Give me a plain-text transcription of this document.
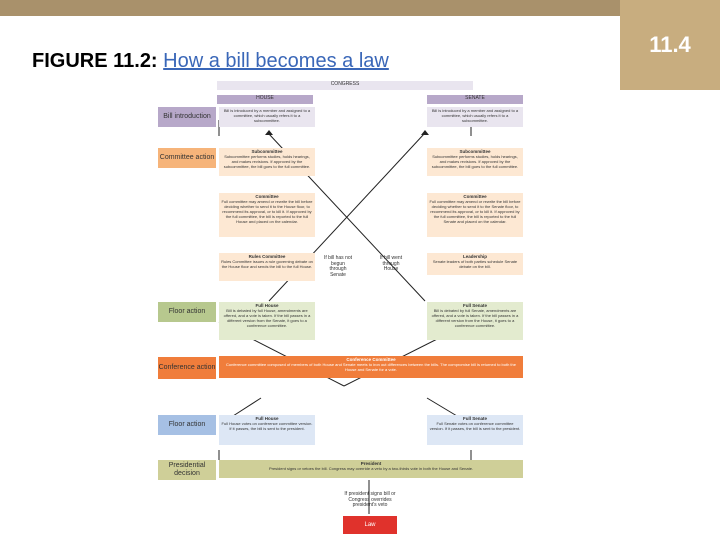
11.4
FIGURE 11.2: How a bill becomes a law
CONGRESS
HOUSE	SENATE
Bill introduction
Committee action
Floor action
Conference action
Floor action
Presidential decision
Bill is introduced by a member and assigned to a committee, which usually refers it to a subcommittee.
Subcommittee
Subcommittee performs studies, holds hearings, and makes revisions. If approved by the subcommittee, the bill goes to the full committee.
Committee
Full committee may amend or rewrite the bill before deciding whether to send it to the House floor, to recommend its approval, or to kill it. If approved by the full committee, the bill is reported to the full House and placed on the calendar.
Rules Committee
Rules Committee issues a rule governing debate on the House floor and sends the bill to the full House.
Full House
Bill is debated by full House, amendments are offered, and a vote is taken. If the bill passes in a different version from the Senate, it goes to a conference committee.
Full House
Full House votes on conference committee version. If it passes, the bill is sent to the president.
Bill is introduced by a member and assigned to a committee, which usually refers it to a subcommittee.
Subcommittee
Subcommittee performs studies, holds hearings, and makes revisions. If approved by the subcommittee, the bill goes to the full committee.
Committee
Full committee may amend or rewrite the bill before deciding whether to send it to the Senate floor, to recommend its approval, or to kill it. If approved by the full committee, the bill is reported to the full Senate and placed on the calendar.
Leadership
Senate leaders of both parties schedule Senate debate on the bill.
Full Senate
Bill is debated by full Senate, amendments are offered, and a vote is taken. If the bill passes in a different version from the House, it goes to a conference committee.
Full Senate
Full Senate votes on conference committee version. If it passes, the bill is sent to the president.
If bill has not begun through Senate
If bill went through House
Conference Committee
Conference committee composed of members of both House and Senate meets to iron out differences between the bills. The compromise bill is returned to both the House and Senate for a vote.
President
President signs or vetoes the bill. Congress may override a veto by a two-thirds vote in both the House and Senate.
If president signs bill or Congress overrides president's veto
Law
